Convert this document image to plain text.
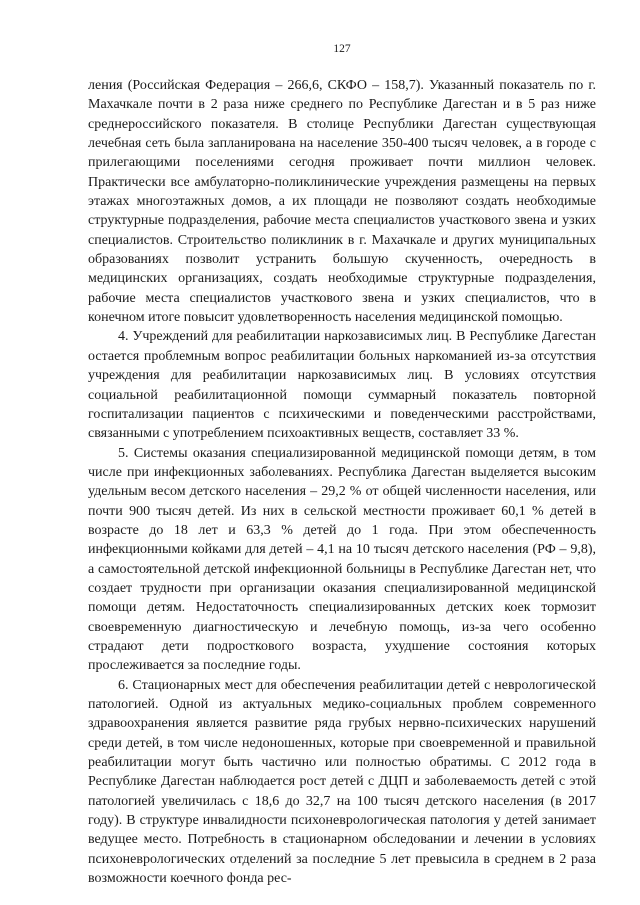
127

ления (Российская Федерация – 266,6, СКФО – 158,7). Указанный показатель по г. Махачкале почти в 2 раза ниже среднего по Республике Дагестан и в 5 раз ниже среднероссийского показателя. В столице Республики Дагестан существующая лечебная сеть была запланирована на население 350-400 тысяч человек, а в городе с прилегающими поселениями сегодня проживает почти миллион человек. Практически все амбулаторно-поликлинические учреждения размещены на первых этажах многоэтажных домов, а их площади не позволяют создать необходимые структурные подразделения, рабочие места специалистов участкового звена и узких специалистов. Строительство поликлиник в г. Махачкале и других муниципальных образованиях позволит устранить большую скученность, очередность в медицинских организациях, создать необходимые структурные подразделения, рабочие места специалистов участкового звена и узких специалистов, что в конечном итоге повысит удовлетворенность населения медицинской помощью.

4. Учреждений для реабилитации наркозависимых лиц. В Республике Дагестан остается проблемным вопрос реабилитации больных наркоманией из-за отсутствия учреждения для реабилитации наркозависимых лиц. В условиях отсутствия социальной реабилитационной помощи суммарный показатель повторной госпитализации пациентов с психическими и поведенческими расстройствами, связанными с употреблением психоактивных веществ, составляет 33 %.

5. Системы оказания специализированной медицинской помощи детям, в том числе при инфекционных заболеваниях. Республика Дагестан выделяется высоким удельным весом детского населения – 29,2 % от общей численности населения, или почти 900 тысяч детей. Из них в сельской местности проживает 60,1 % детей в возрасте до 18 лет и 63,3 % детей до 1 года. При этом обеспеченность инфекционными койками для детей – 4,1 на 10 тысяч детского населения (РФ – 9,8), а самостоятельной детской инфекционной больницы в Республике Дагестан нет, что создает трудности при организации оказания специализированной медицинской помощи детям. Недостаточность специализированных детских коек тормозит своевременную диагностическую и лечебную помощь, из-за чего особенно страдают дети подросткового возраста, ухудшение состояния которых прослеживается за последние годы.

6. Стационарных мест для обеспечения реабилитации детей с неврологической патологией. Одной из актуальных медико-социальных проблем современного здравоохранения является развитие ряда грубых нервно-психических нарушений среди детей, в том числе недоношенных, которые при своевременной и правильной реабилитации могут быть частично или полностью обратимы. С 2012 года в Республике Дагестан наблюдается рост детей с ДЦП и заболеваемость детей с этой патологией увеличилась с 18,6 до 32,7 на 100 тысяч детского населения (в 2017 году). В структуре инвалидности психоневрологическая патология у детей занимает ведущее место. Потребность в стационарном обследовании и лечении в условиях психоневрологических отделений за последние 5 лет превысила в среднем в 2 раза возможности коечного фонда рес-
